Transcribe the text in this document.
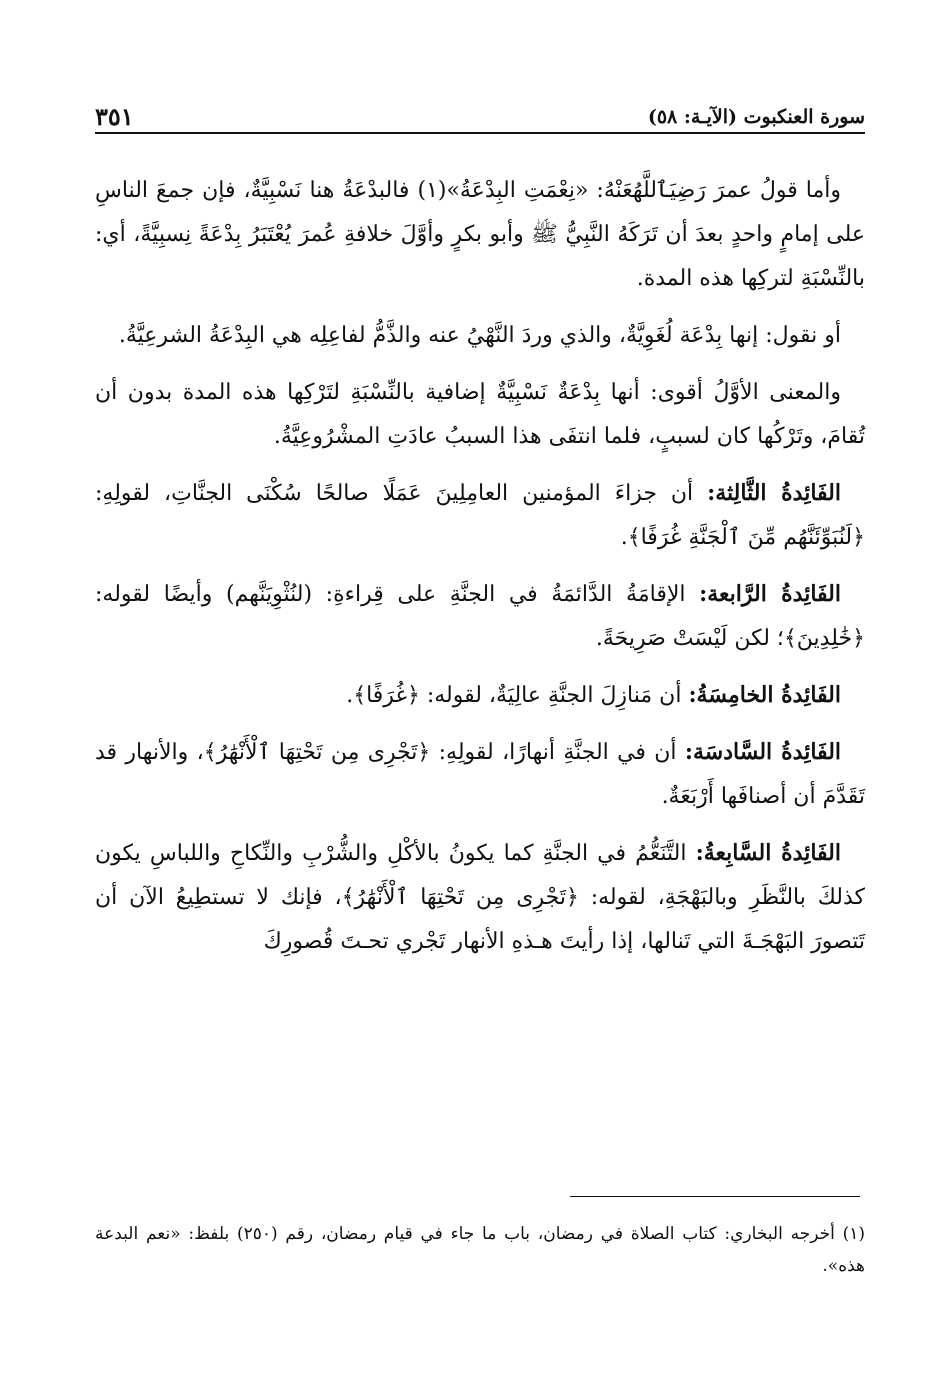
٣٥١	سورة العنكبوت (الآيـة: ٥٨)

وأما قولُ عمرَ رَضِيَٱللَّهُعَنْهُ: «نِعْمَتِ البِدْعَةُ»(١) فالبدْعَةُ هنا نَسْبِيَّةٌ، فإن جمعَ الناسِ على إمامٍ واحدٍ بعدَ أن تَرَكَهُ النَّبِيُّ ﷺ وأبو بكرٍ وأوَّلَ خلافةِ عُمرَ يُعْتَبَرُ بِدْعَةً نِسبِيَّةً، أي: بالنِّسْبَةِ لتركِها هذه المدة.

أو نقول: إنها بِدْعَة لُغَوِيَّةٌ، والذي وردَ النَّهْيُ عنه والذَّمُّ لفاعِلِه هي البِدْعَةُ الشرعِيَّةُ.

والمعنى الأوَّلُ أقوى: أنها بِدْعَةٌ نَسْبِيَّةٌ إضافية بالنِّسْبَةِ لتَرْكِها هذه المدة بدون أن تُقامَ، وتَرْكُها كان لسببٍ، فلما انتفَى هذا السببُ عادَتِ المشْرُوعِيَّةُ.

الفَائِدةُ الثَّالِثة: أن جزاءَ المؤمنين العامِلِينَ عَمَلًا صالحًا سُكْنَى الجنَّاتِ، لقولِهِ: ﴿لَنُبَوِّئَنَّهُم مِّنَ ٱلْجَنَّةِ غُرَفًا﴾.

الفَائِدةُ الرَّابعة: الإقامَةُ الدَّائمَةُ في الجنَّةِ على قِراءةِ: (لنُثْوِيَنَّهم) وأيضًا لقوله: ﴿خَٰلِدِينَ﴾؛ لكن لَيْسَتْ صَرِيحَةً.

الفَائِدةُ الخامِسَةُ: أن مَنازِلَ الجنَّةِ عالِيَةٌ، لقوله: ﴿غُرَفًا﴾.

الفَائِدةُ السَّادسَة: أن في الجنَّةِ أنهارًا، لقولِهِ: ﴿تَجْرِى مِن تَحْتِهَا ٱلْأَنْهَٰرُ﴾، والأنهار قد تَقَدَّمَ أن أصنافَها أَرْبَعَةٌ.

الفَائِدةُ السَّابِعةُ: التَّنَعُّمُ في الجنَّةِ كما يكونُ بالأكْلِ والشُّرْبِ والنِّكاحِ واللباسِ يكون كذلكَ بالنَّظَرِ وبالبَهْجَةِ، لقوله: ﴿تَجْرِى مِن تَحْتِهَا ٱلْأَنْهَٰرُ﴾، فإنك لا تستطِيعُ الآن أن تَتصورَ البَهْجَـةَ التي تَنالها، إذا رأيتَ هـذهِ الأنهار تَجْري تحـتَ قُصورِكَ

(١) أخرجه البخاري: كتاب الصلاة في رمضان، باب ما جاء في قيام رمضان، رقم (٢٥٠) بلفظ: «نعم البدعة هذه».
